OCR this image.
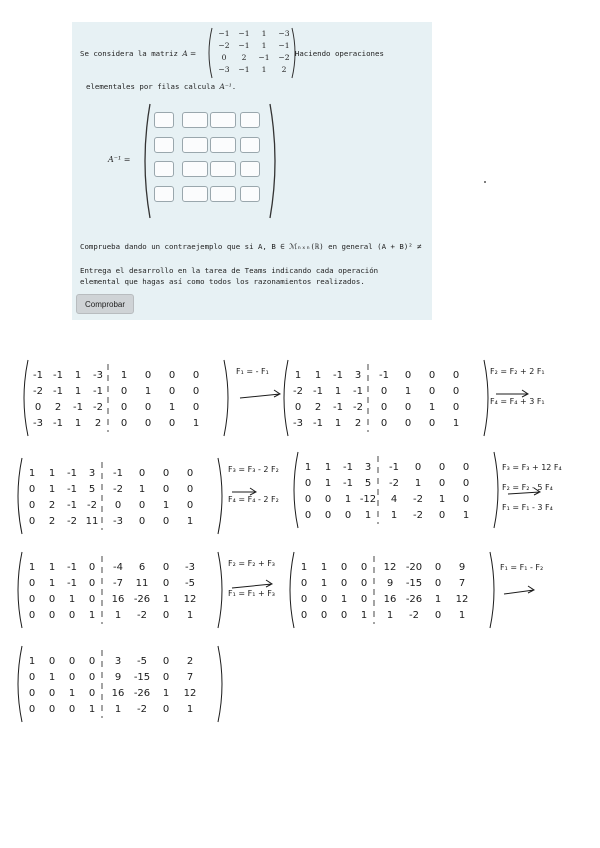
Se considera la matriz A =
−1	−1	1	−3
−2	−1	1	−1
0	2	−1	−2
−3	−1	1	2
. Haciendo operaciones
elementales por filas calcula A⁻¹.
A⁻¹ =
Comprueba dando un contraejemplo que si A, B ∈ ℳₙₓₙ(ℝ) en general (A + B)² ≠
Entrega el desarrollo en la tarea de Teams indicando cada operación
elemental que hagas así como todos los razonamientos realizados.
Comprobar
-1 -1 1 -3 1 0 0 0
-2 -1 1 -1 0 1 0 0
0 2 -1 -2 0 0 1 0
-3 -1 1 2 0 0 0 1
1 1 -1 3 -1 0 0 0
-2 -1 1 -1 0 1 0 0
0 2 -1 -2 0 0 1 0
-3 -1 1 2 0 0 0 1
1 1 -1 3 -1 0 0 0
0 1 -1 5 -2 1 0 0
0 2 -1 -2 0 0 1 0
0 2 -2 11 -3 0 0 1
1 1 -1 3 -1 0 0 0
0 1 -1 5 -2 1 0 0
0 0 1 -12 4 -2 1 0
0 0 0 1 1 -2 0 1
1 1 -1 0 -4 6 0 -3
0 1 -1 0 -7 11 0 -5
0 0 1 0 16 -26 1 12
0 0 0 1 1 -2 0 1
1 1 0 0 12 -20 0 9
0 1 0 0 9 -15 0 7
0 0 1 0 16 -26 1 12
0 0 0 1 1 -2 0 1
1 0 0 0 3 -5 0 2
0 1 0 0 9 -15 0 7
0 0 1 0 16 -26 1 12
0 0 0 1 1 -2 0 1
F₁ = - F₁	F₂ = F₂ + 2 F₁
F₄ = F₄ + 3 F₁
F₃ = F₃ - 2 F₂
F₄ = F₄ - 2 F₂
F₃ = F₃ + 12 F₄
F₂ = F₂ - 5 F₄
F₁ = F₁ - 3 F₄
F₂ = F₂ + F₃
F₁ = F₁ + F₃
F₁ = F₁ - F₂
